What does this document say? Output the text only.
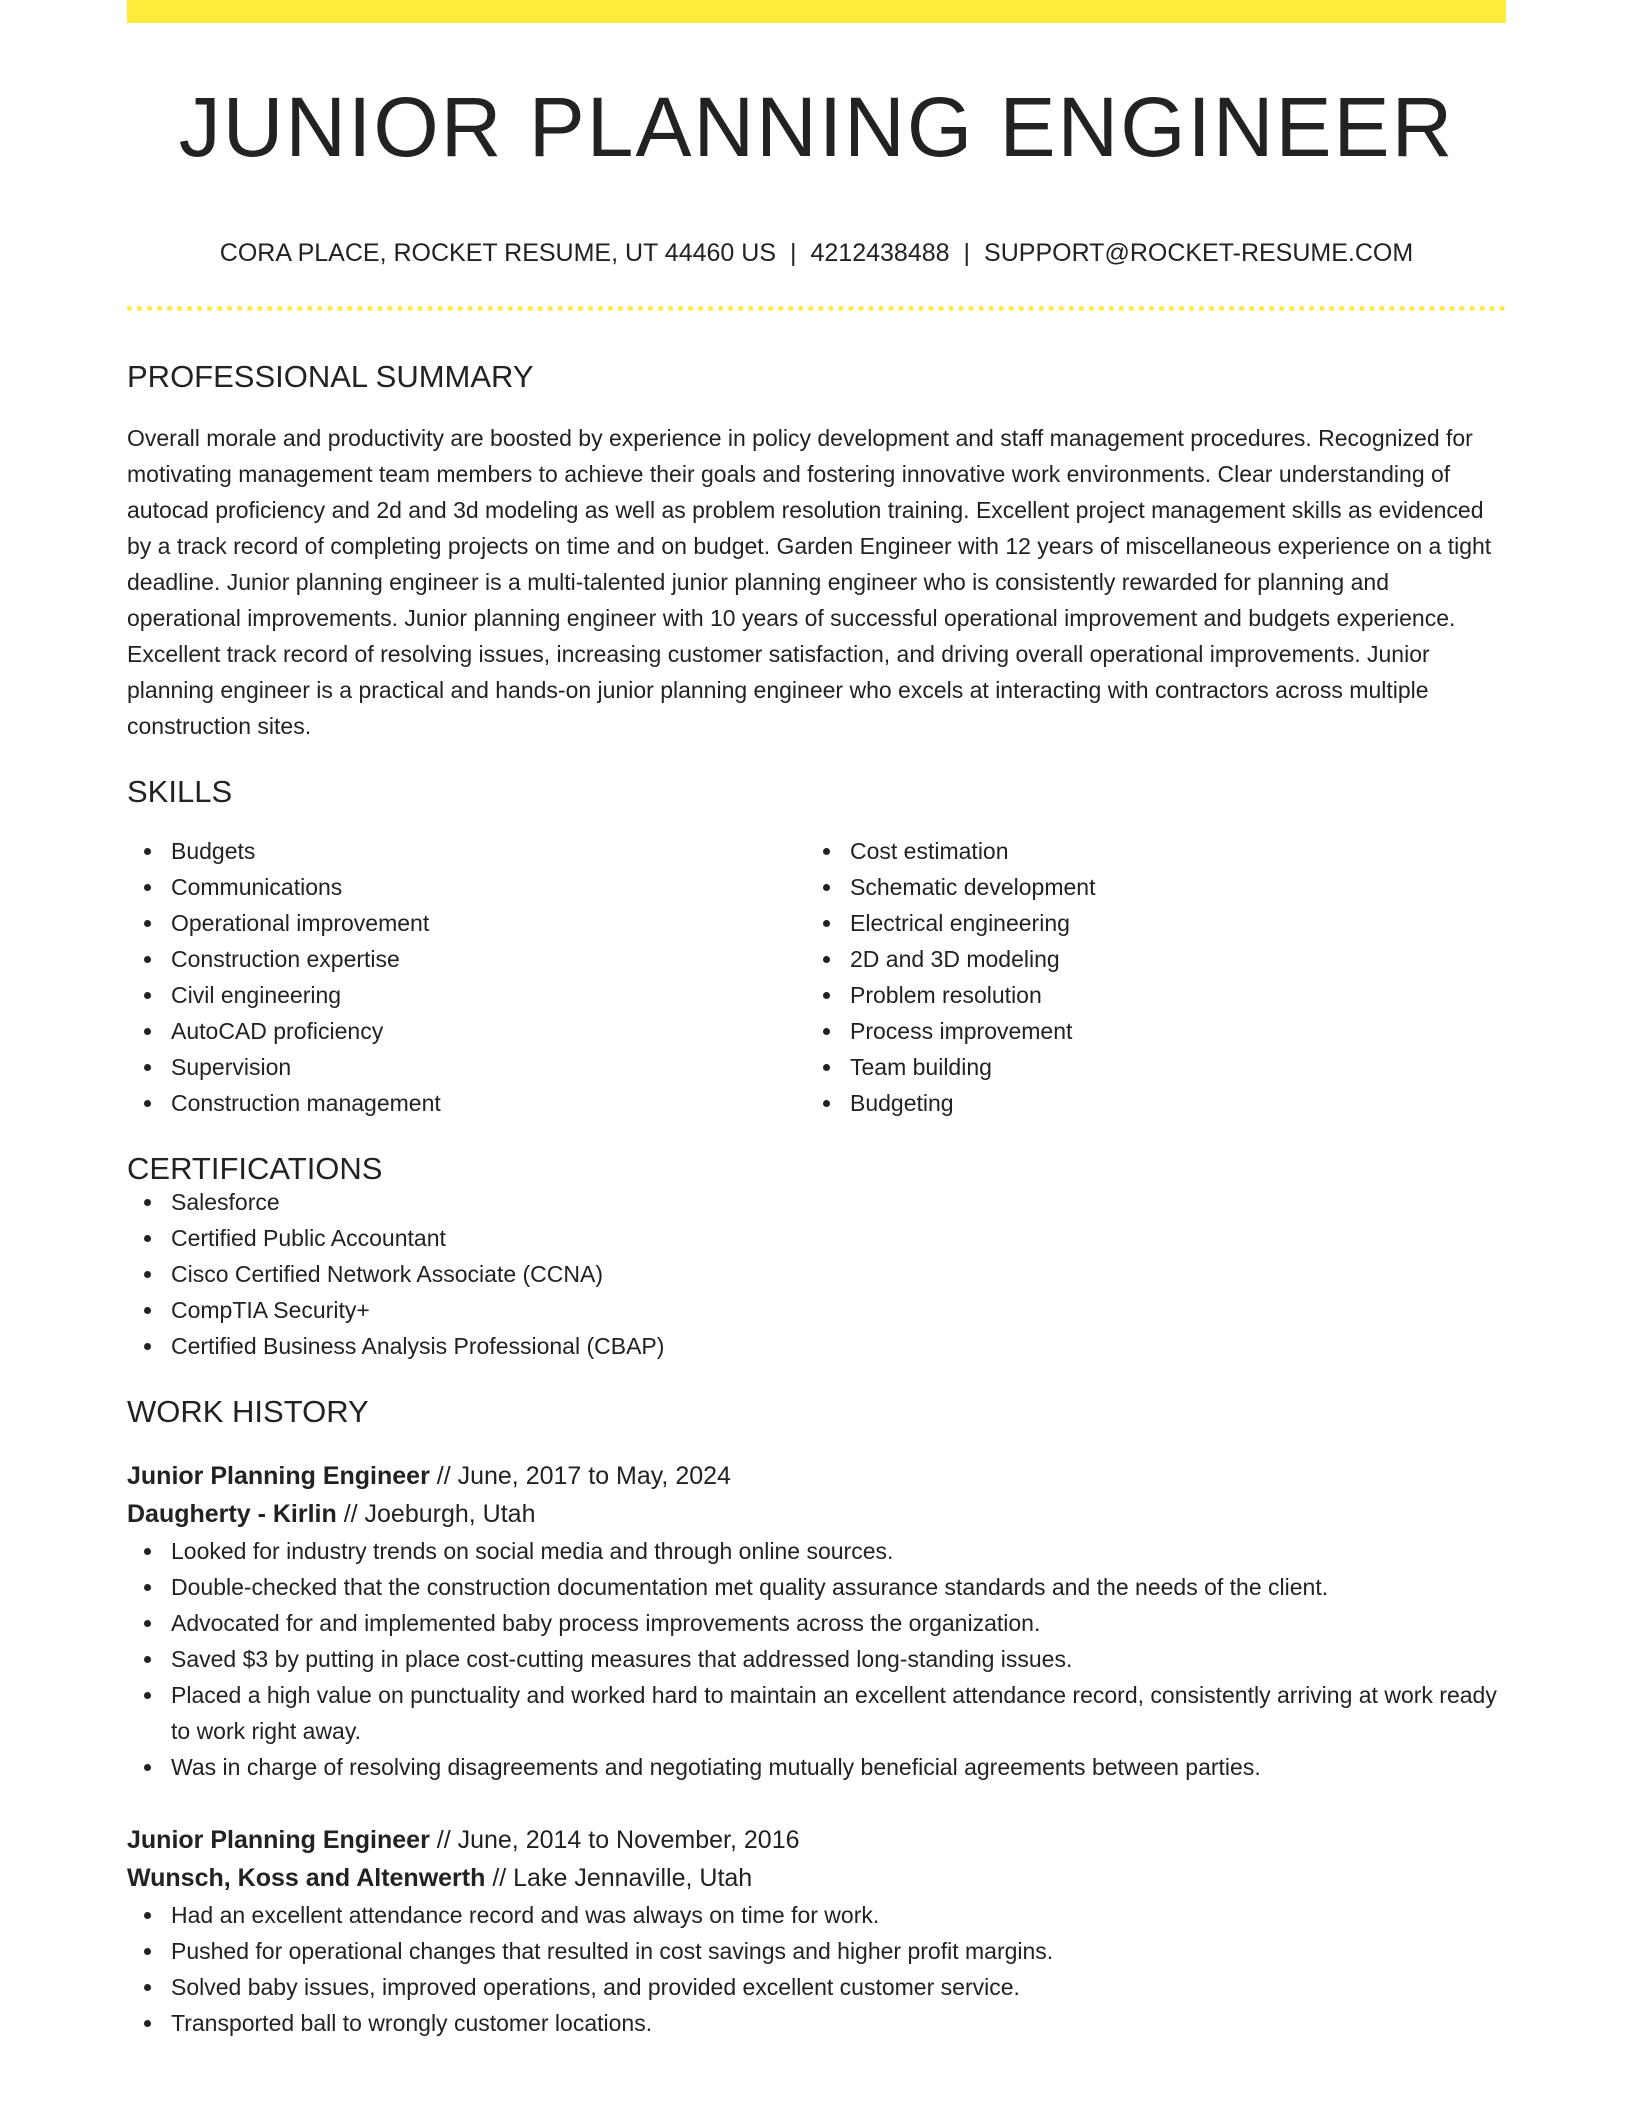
JUNIOR PLANNING ENGINEER
CORA PLACE, ROCKET RESUME, UT 44460 US | 4212438488 | SUPPORT@ROCKET-RESUME.COM
PROFESSIONAL SUMMARY

Overall morale and productivity are boosted by experience in policy development and staff management procedures. Recognized for motivating management team members to achieve their goals and fostering innovative work environments. Clear understanding of autocad proficiency and 2d and 3d modeling as well as problem resolution training. Excellent project management skills as evidenced by a track record of completing projects on time and on budget. Garden Engineer with 12 years of miscellaneous experience on a tight deadline. Junior planning engineer is a multi-talented junior planning engineer who is consistently rewarded for planning and operational improvements. Junior planning engineer with 10 years of successful operational improvement and budgets experience. Excellent track record of resolving issues, increasing customer satisfaction, and driving overall operational improvements. Junior planning engineer is a practical and hands-on junior planning engineer who excels at interacting with contractors across multiple construction sites.

SKILLS
Budgets
Communications
Operational improvement
Construction expertise
Civil engineering
AutoCAD proficiency
Supervision
Construction management
Cost estimation
Schematic development
Electrical engineering
2D and 3D modeling
Problem resolution
Process improvement
Team building
Budgeting
CERTIFICATIONS
Salesforce
Certified Public Accountant
Cisco Certified Network Associate (CCNA)
CompTIA Security+
Certified Business Analysis Professional (CBAP)
WORK HISTORY
Junior Planning Engineer // June, 2017 to May, 2024
Daugherty - Kirlin // Joeburgh, Utah
Looked for industry trends on social media and through online sources.
Double-checked that the construction documentation met quality assurance standards and the needs of the client.
Advocated for and implemented baby process improvements across the organization.
Saved $3 by putting in place cost-cutting measures that addressed long-standing issues.
Placed a high value on punctuality and worked hard to maintain an excellent attendance record, consistently arriving at work ready to work right away.
Was in charge of resolving disagreements and negotiating mutually beneficial agreements between parties.
Junior Planning Engineer // June, 2014 to November, 2016
Wunsch, Koss and Altenwerth // Lake Jennaville, Utah
Had an excellent attendance record and was always on time for work.
Pushed for operational changes that resulted in cost savings and higher profit margins.
Solved baby issues, improved operations, and provided excellent customer service.
Transported ball to wrongly customer locations.
